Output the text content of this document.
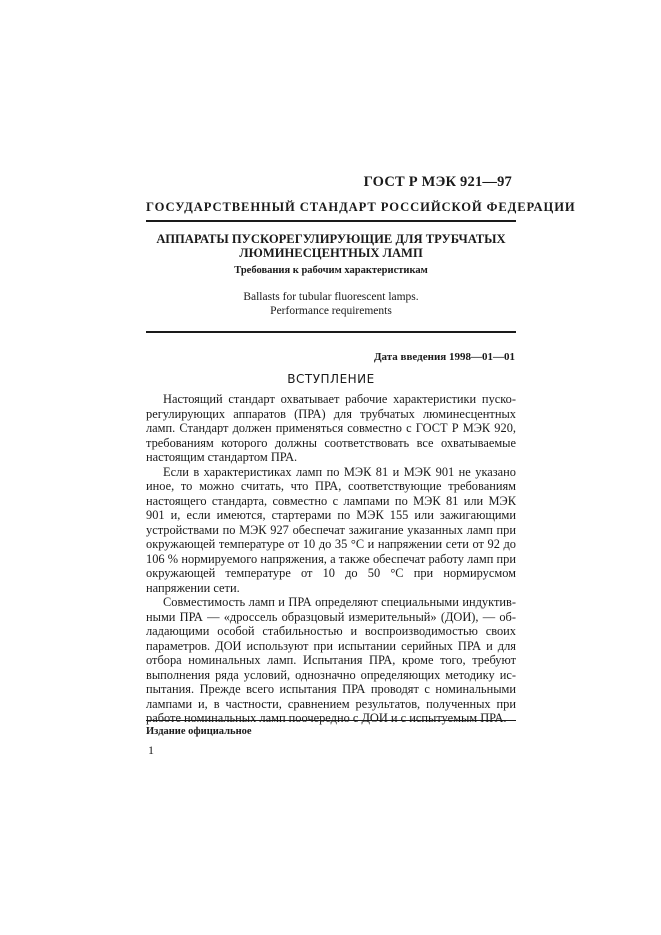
ГОСТ Р МЭК 921—97
ГОСУДАРСТВЕННЫЙ СТАНДАРТ РОССИЙСКОЙ ФЕДЕРАЦИИ
АППАРАТЫ ПУСКОРЕГУЛИРУЮЩИЕ ДЛЯ ТРУБЧАТЫХ
ЛЮМИНЕСЦЕНТНЫХ ЛАМП
Требования к рабочим характеристикам
Ballasts for tubular fluorescent lamps.
Performance requirements
Дата введения 1998—01—01
ВСТУПЛЕНИЕ

Настоящий стандарт охватывает рабочие характеристики пускорегулирующих аппаратов (ПРА) для трубчатых люминесцентных ламп. Стандарт должен применяться совместно с ГОСТ Р МЭК 920, требованиям которого должны соответствовать все охватываемые настоящим стандартом ПРА.

Если в характеристиках ламп по МЭК 81 и МЭК 901 не указано иное, то можно считать, что ПРА, соответствующие требованиям настоящего стандарта, совместно с лампами по МЭК 81 или МЭК 901 и, если имеются, стартерами по МЭК 155 или зажигающими устройствами по МЭК 927 обеспечат зажигание указанных ламп при окружающей температуре от 10 до 35 °С и напряжении сети от 92 до 106 % нормируемого напряжения, а также обеспечат работу ламп при окружающей температуре от 10 до 50 °С при нормирусмом напряжении сети.

Совместимость ламп и ПРА определяют специальными индуктивными ПРА — «дроссель образцовый измерительный» (ДОИ), — обладающими особой стабильностью и воспроизводимостью своих параметров. ДОИ используют при испытании серийных ПРА и для отбора номинальных ламп. Испытания ПРА, кроме того, требуют выполнения ряда условий, однозначно определяющих методику испытания. Прежде всего испытания ПРА проводят с номинальными лампами и, в частности, сравнением результатов, полученных при работе номинальных ламп поочередно с ДОИ и с испытуемым ПРА.

Издание официальное
1
